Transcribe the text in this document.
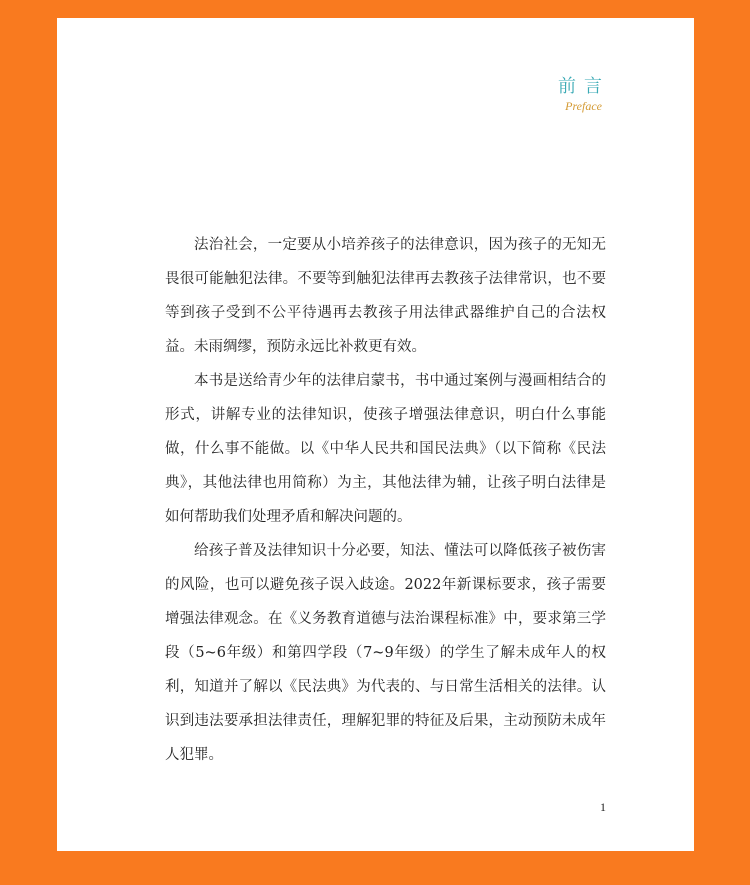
前言
Preface

法治社会，一定要从小培养孩子的法律意识，因为孩子的无知无畏很可能触犯法律。不要等到触犯法律再去教孩子法律常识，也不要等到孩子受到不公平待遇再去教孩子用法律武器维护自己的合法权益。未雨绸缪，预防永远比补救更有效。

本书是送给青少年的法律启蒙书，书中通过案例与漫画相结合的形式，讲解专业的法律知识，使孩子增强法律意识，明白什么事能做，什么事不能做。以《中华人民共和国民法典》（以下简称《民法典》，其他法律也用简称）为主，其他法律为辅，让孩子明白法律是如何帮助我们处理矛盾和解决问题的。

给孩子普及法律知识十分必要，知法、懂法可以降低孩子被伤害的风险，也可以避免孩子误入歧途。2022年新课标要求，孩子需要增强法律观念。在《义务教育道德与法治课程标准》中，要求第三学段（5~6年级）和第四学段（7~9年级）的学生了解未成年人的权利，知道并了解以《民法典》为代表的、与日常生活相关的法律。认识到违法要承担法律责任，理解犯罪的特征及后果，主动预防未成年人犯罪。

1
